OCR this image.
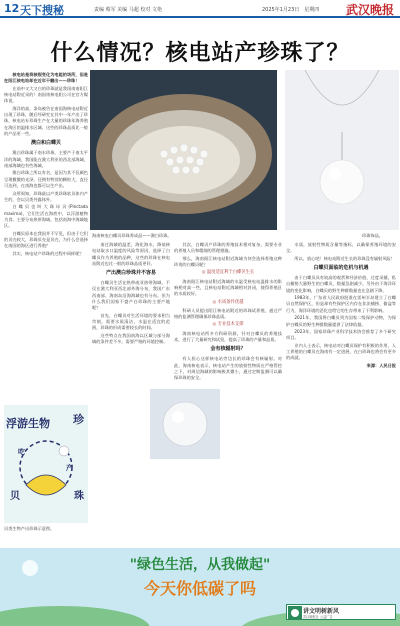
12 天下搜秘	责编 蔡军 美编 马超 校对 文艳	2025年1月23日　星期四 武汉晚报
什么情况？核电站产珍珠了？

核电站是将核裂变化为电能的场所，但是在阳江核电站却在近年干翻出——珍珠！

在前中又大又白的珍珠就是我国南南阳江核电站附近采的！南国南核电阳公司在官方媒体说，

海洋的高，条岛被告在南国海核电站附近出现了珍珠，随后经研究在其中一年产出了珍珠，核电站专珍珠生产在大量的珍珠年海养殖在海区的温排水区域。这些的珍珠品质比一般的产品更一些。

澳白和白蝶贝

澳白珍珠属于南水珍珠，主要产于南太平洋的海域，我国能在澳大利亚的西北部海域，南部海域也有些海域。

澳白珍珠之所以有名，是因为其不仅颜色呈现微微的光泽，还拥有特别的颗粒大，直径可达到，在南海也都可以生产出。

众所周知，珍珠最以产类珍珠软贝体内产生的，会以贝类外露体外。

白蝶贝也叫大珠母贝(Pinctada maxima)，它们生活在海底中，以浮游植物为食。主要分布热带海域，包括南海中海域地区。

白蝶贝原本在我国并不罕见，但由于它们的贝壳较大，珍珠贝壳是贝壳，为什么会选择在南国的海区进行养殖？

其实，核电站产珍珠的过程中同样呢？

浮游生物 珍
贝	珠
吃
产
贝类生物产出珍珠示意图。
海南核电白蝶贝珍珠养成品——澳白珍珠。	珍珠饰品。

南过海域的温差，海化海水，降低核电站取水口温度的风险等原因，选择了白蝶贝作为养殖的品种，这些的珍珠在核电站附近也比一般的珍珠品质更好。

产出澳白珍珠并不容易

白蝶贝生活在热带或亚热带海域，不仅在澳大利亚西北部外海分布，我国广东西南部、海南岛沿海海域也有分布。但为什么我们国家不盛产白珍珠的主要产地呢？

首先，白蝶贝对生活环境的要求相当苛刻，需要水质清洁，水温在适宜的范围，珍珠的形成需要较长的时间。

这些特点在我国南海以区域与部分海域的条件差不多，需要严格的环境控制。

其次，白蝶贝产珍珠的养殖技术相对复杂，需要专业的养殖人员和精细的管理措施。

那么，海南阳江核电站附近海域为何会选择养殖这种珍贵的白蝶贝呢？

◎ 温度适宜利于白蝶贝生长

海南阳江核电站附近海域的水温受核电站温排水的影响相对高一些，且核电站附近海域相对封闭，使得养殖区的水质较好。

◎ 水质条件优越

科研人员提出阳江核电站附近的珍珠试养殖，通过严格的监测管理确保珍珠品质。

◎ 专业技术支撑

海南核电站所多方科研资源，针对白蝶贝的养殖技术，进行了大量研究和试验，提高了珍珠的产量和品质。

会有核辐射吗？

有人担心这样核电站旁边长的珍珠会有核辐射。对此，海南核电表示，核电站产生的放射性物质在严格管控之下，对周边海域的影响极其微小，通过定期监测可以确保珍珠的安全。

水质，放射性物质含量等指标，以确保养殖环境的安全。

所以，放心吧！核电站附近生长的珍珠没有辐射风险！

白蝶贝面临的危机与机遇

由于白蝶贝具有较高的观赏和经济价值，过度采捕，私自捕捞大量野生的白蝶贝，数量急剧减少。另外由于海洋环境的变化影响，白蝶贝的野生种群数量也在急剧下降。

1983年，广东省人民政府批准在雷州半岛建立了白蝶贝自然保护区，但是却有些保护区内存在非法捕捞、偷盗等行为，海洋环境的恶化也给它的生存带来了不利影响。

2021年，我国将白蝶贝列为国家二级保护动物，为保护白蝶贝的野生种群数量提供了法律依据。

2023年，国家珍珠产业科学技术协会推荐了多个研究项目。

业内人士表示，核电站对白蝶贝保护有积极的作用，人工养殖的白蝶贝在海南有一定进展，在白珍珠也将会有更多的成就。

来源：人民日报

"绿色生活，从我做起"
今天你低碳了吗
讲文明树新风
武汉晚报社 公益广告
